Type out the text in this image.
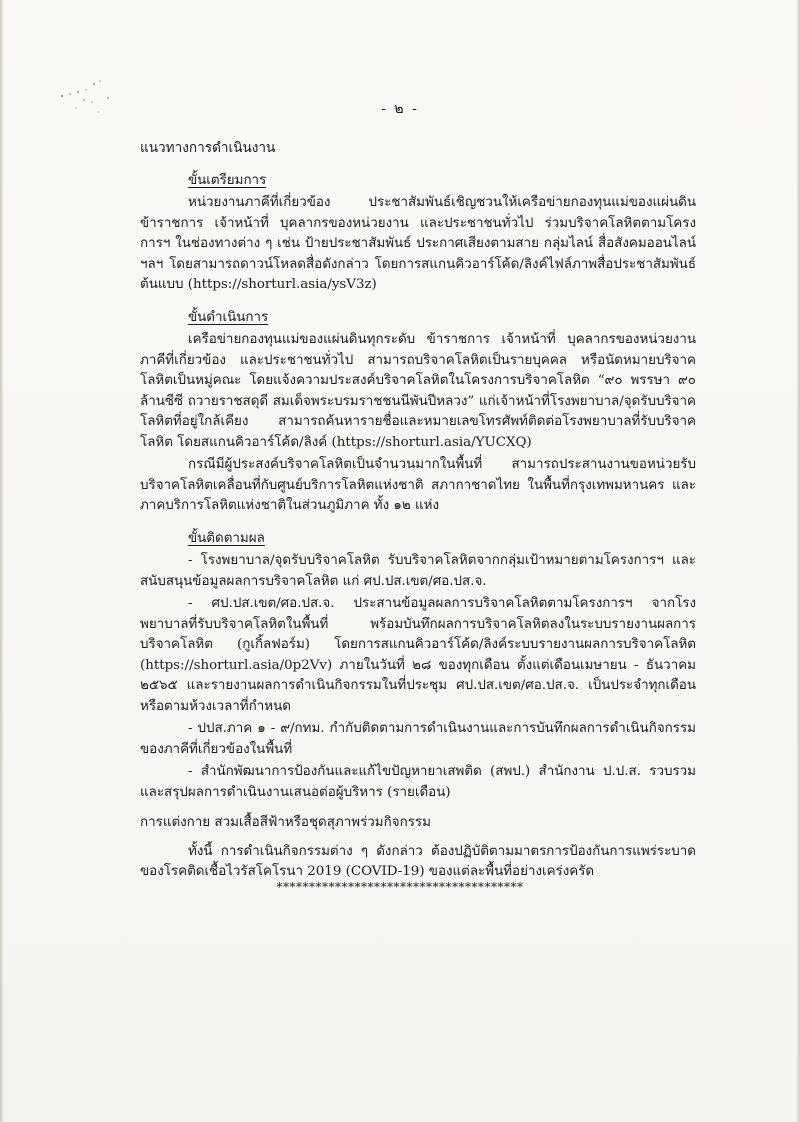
- ๒ -

แนวทางการดำเนินงาน

ขั้นเตรียมการ

หน่วยงานภาคีที่เกี่ยวข้อง ประชาสัมพันธ์เชิญชวนให้เครือข่ายกองทุนแม่ของแผ่นดิน ข้าราชการ เจ้าหน้าที่ บุคลากรของหน่วยงาน และประชาชนทั่วไป ร่วมบริจาคโลหิตตามโครงการฯ ในช่องทางต่าง ๆ เช่น ป้ายประชาสัมพันธ์ ประกาศเสียงตามสาย กลุ่มไลน์ สื่อสังคมออนไลน์ ฯลฯ โดยสามารถดาวน์โหลดสื่อดังกล่าว โดยการสแกนคิวอาร์โค้ด/ลิงค์ไฟล์ภาพสื่อประชาสัมพันธ์ต้นแบบ (https://shorturl.asia/ysV3z)

ขั้นดำเนินการ

เครือข่ายกองทุนแม่ของแผ่นดินทุกระดับ ข้าราชการ เจ้าหน้าที่ บุคลากรของหน่วยงานภาคีที่เกี่ยวข้อง และประชาชนทั่วไป สามารถบริจาคโลหิตเป็นรายบุคคล หรือนัดหมายบริจาคโลหิตเป็นหมู่คณะ โดยแจ้งความประสงค์บริจาคโลหิตในโครงการบริจาคโลหิต “๙๐ พรรษา ๙๐ ล้านซีซี ถวายราชสดุดี สมเด็จพระบรมราชชนนีพันปีหลวง” แก่เจ้าหน้าที่โรงพยาบาล/จุดรับบริจาคโลหิตที่อยู่ใกล้เคียง สามารถค้นหารายชื่อและหมายเลขโทรศัพท์ติดต่อโรงพยาบาลที่รับบริจาคโลหิต โดยสแกนคิวอาร์โค้ด/ลิงค์ (https://shorturl.asia/YUCXQ)

กรณีมีผู้ประสงค์บริจาคโลหิตเป็นจำนวนมากในพื้นที่ สามารถประสานงานขอหน่วยรับบริจาคโลหิตเคลื่อนที่กับศูนย์บริการโลหิตแห่งชาติ สภากาชาดไทย ในพื้นที่กรุงเทพมหานคร และภาคบริการโลหิตแห่งชาติในส่วนภูมิภาค ทั้ง ๑๒ แห่ง

ขั้นติดตามผล

- โรงพยาบาล/จุดรับบริจาคโลหิต รับบริจาคโลหิตจากกลุ่มเป้าหมายตามโครงการฯ และสนับสนุนข้อมูลผลการบริจาคโลหิต แก่ ศป.ปส.เขต/ศอ.ปส.จ.

- ศป.ปส.เขต/ศอ.ปส.จ. ประสานข้อมูลผลการบริจาคโลหิตตามโครงการฯ จากโรงพยาบาลที่รับบริจาคโลหิตในพื้นที่ พร้อมบันทึกผลการบริจาคโลหิตลงในระบบรายงานผลการบริจาคโลหิต (กูเกิ้ลฟอร์ม) โดยการสแกนคิวอาร์โค้ด/ลิงค์ระบบรายงานผลการบริจาคโลหิต (https://shorturl.asia/0p2Vv) ภายในวันที่ ๒๘ ของทุกเดือน ตั้งแต่เดือนเมษายน - ธันวาคม ๒๕๖๕ และรายงานผลการดำเนินกิจกรรมในที่ประชุม ศป.ปส.เขต/ศอ.ปส.จ. เป็นประจำทุกเดือนหรือตามห้วงเวลาที่กำหนด

- ปปส.ภาค ๑ - ๙/กทม. กำกับติดตามการดำเนินงานและการบันทึกผลการดำเนินกิจกรรมของภาคีที่เกี่ยวข้องในพื้นที่

- สำนักพัฒนาการป้องกันและแก้ไขปัญหายาเสพติด (สพป.) สำนักงาน ป.ป.ส. รวบรวมและสรุปผลการดำเนินงานเสนอต่อผู้บริหาร (รายเดือน)

การแต่งกาย สวมเสื้อสีฟ้าหรือชุดสุภาพร่วมกิจกรรม

ทั้งนี้ การดำเนินกิจกรรมต่าง ๆ ดังกล่าว ต้องปฏิบัติตามมาตรการป้องกันการแพร่ระบาดของโรคติดเชื้อไวรัสโคโรนา 2019 (COVID-19) ของแต่ละพื้นที่อย่างเคร่งครัด

**************************************
